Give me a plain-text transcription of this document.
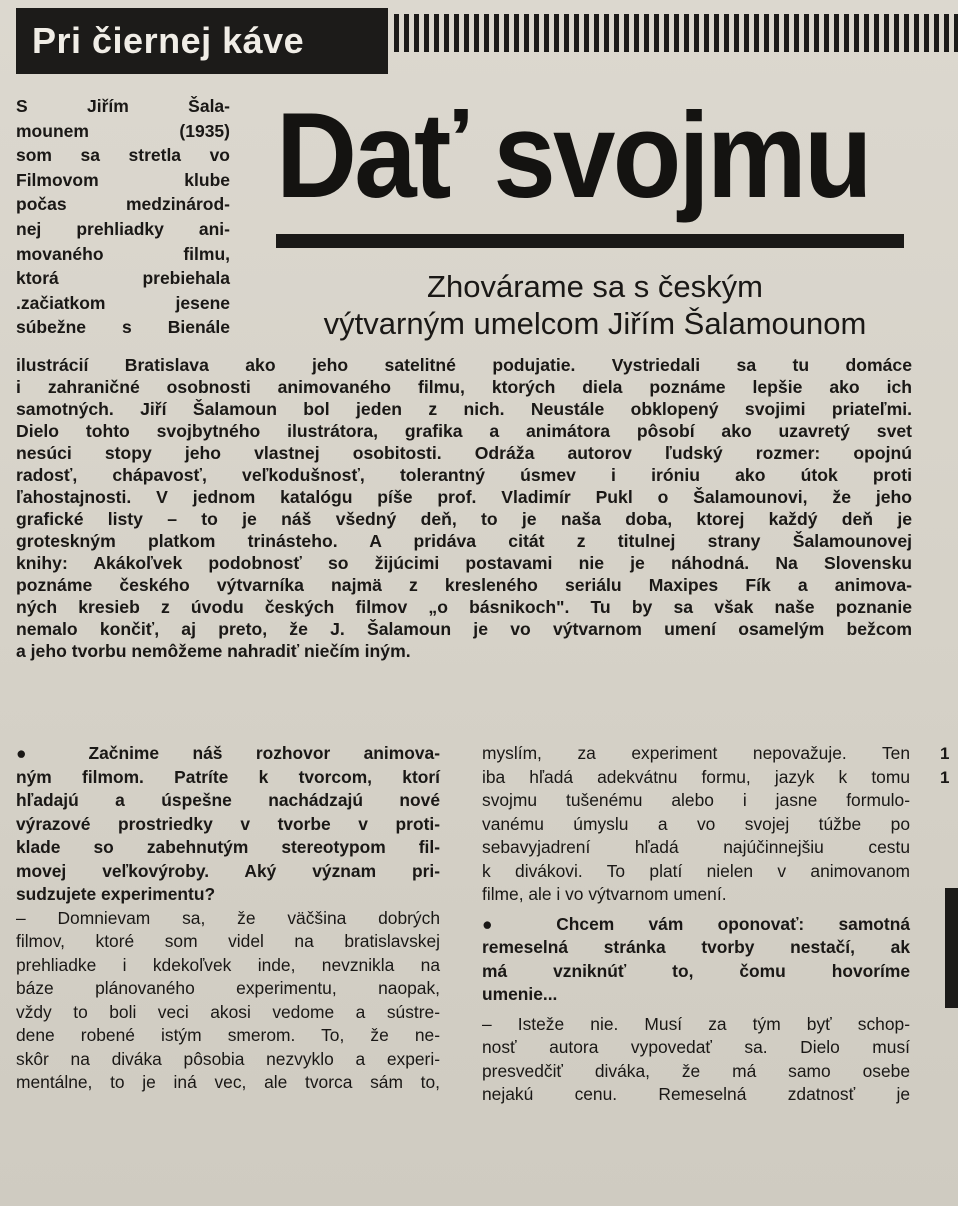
Pri čiernej káve
Dať svojmu
Zhovárame sa s českým
výtvarným umelcom Jiřím Šalamounom
S Jiřím Šala-
mounem (1935)
som sa stretla vo
Filmovom klube
počas medzinárod-
nej prehliadky ani-
movaného filmu,
ktorá prebiehala
.začiatkom jesene
súbežne s Bienále
ilustrácií Bratislava ako jeho satelitné podujatie. Vystriedali sa tu domáce
i zahraničné osobnosti animovaného filmu, ktorých diela poznáme lepšie ako ich
samotných. Jiří Šalamoun bol jeden z nich. Neustále obklopený svojimi priateľmi.
Dielo tohto svojbytného ilustrátora, grafika a animátora pôsobí ako uzavretý svet
nesúci stopy jeho vlastnej osobitosti. Odráža autorov ľudský rozmer: opojnú
radosť, chápavosť, veľkodušnosť, tolerantný úsmev i iróniu ako útok proti
ľahostajnosti. V jednom katalógu píše prof. Vladimír Pukl o Šalamounovi, že jeho
grafické listy – to je náš všedný deň, to je naša doba, ktorej každý deň je
groteskným platkom trinásteho. A pridáva citát z titulnej strany Šalamounovej
knihy: Akákoľvek podobnosť so žijúcimi postavami nie je náhodná. Na Slovensku
poznáme českého výtvarníka najmä z kresleného seriálu Maxipes Fík a animova-
ných kresieb z úvodu českých filmov „o básnikoch". Tu by sa však naše poznanie
nemalo končiť, aj preto, že J. Šalamoun je vo výtvarnom umení osamelým bežcom
a jeho tvorbu nemôžeme nahradiť niečím iným.
● Začnime náš rozhovor animova-
ným filmom. Patríte k tvorcom, ktorí
hľadajú a úspešne nachádzajú nové
výrazové prostriedky v tvorbe v proti-
klade so zabehnutým stereotypom fil-
movej veľkovýroby. Aký význam pri-
sudzujete experimentu?
– Domnievam sa, že väčšina dobrých
filmov, ktoré som videl na bratislavskej
prehliadke i kdekoľvek inde, nevznikla na
báze plánovaného experimentu, naopak,
vždy to boli veci akosi vedome a sústre-
dene robené istým smerom. To, že ne-
skôr na diváka pôsobia nezvyklo a experi-
mentálne, to je iná vec, ale tvorca sám to,
myslím, za experiment nepovažuje. Ten
iba hľadá adekvátnu formu, jazyk k tomu
svojmu tušenému alebo i jasne formulo-
vanému úmyslu a vo svojej túžbe po
sebavyjadrení hľadá najúčinnejšiu cestu
k divákovi. To platí nielen v animovanom
filme, ale i vo výtvarnom umení.
● Chcem vám oponovať: samotná
remeselná stránka tvorby nestačí, ak
má vzniknúť to, čomu hovoríme
umenie...
– Isteže nie. Musí za tým byť schop-
nosť autora vypovedať sa. Dielo musí
presvedčiť diváka, že má samo osebe
nejakú cenu. Remeselná zdatnosť je
1
1
